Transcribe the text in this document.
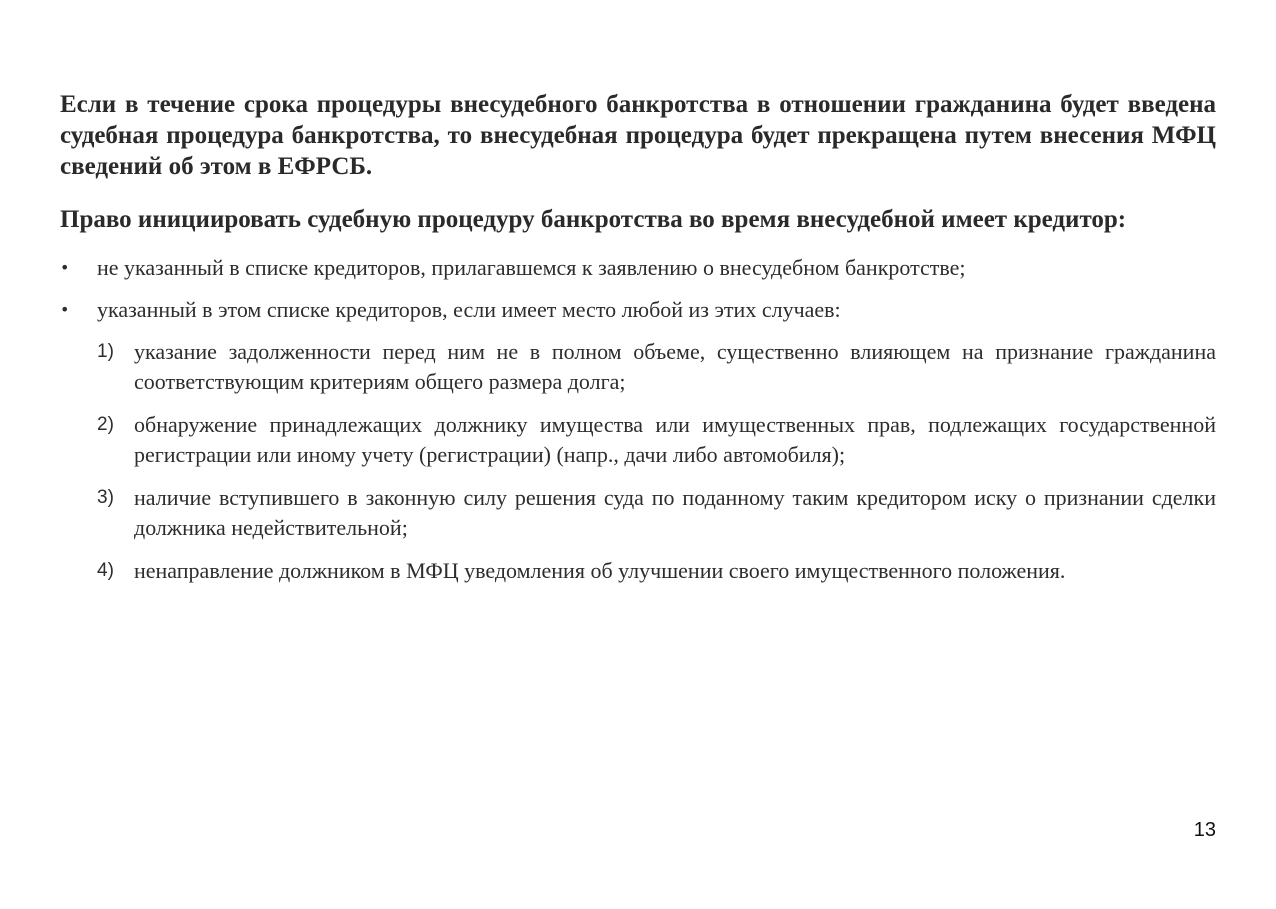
Если в течение срока процедуры внесудебного банкротства в отношении гражданина будет введена судебная процедура банкротства, то внесудебная процедура будет прекращена путем внесения МФЦ сведений об этом в ЕФРСБ.

Право инициировать судебную процедуру банкротства во время внесудебной имеет кредитор:

• не указанный в списке кредиторов, прилагавшемся к заявлению о внесудебном банкротстве;
• указанный в этом списке кредиторов, если имеет место любой из этих случаев:
1) указание задолженности перед ним не в полном объеме, существенно влияющем на признание гражданина соответствующим критериям общего размера долга;
2) обнаружение принадлежащих должнику имущества или имущественных прав, подлежащих государственной регистрации или иному учету (регистрации) (напр., дачи либо автомобиля);
3) наличие вступившего в законную силу решения суда по поданному таким кредитором иску о признании сделки должника недействительной;
4) ненаправление должником в МФЦ уведомления об улучшении своего имущественного положения.
13
